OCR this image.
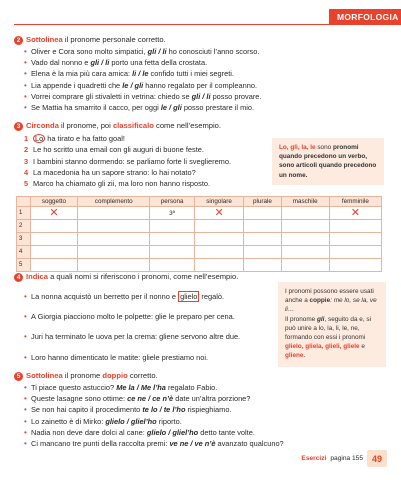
MORFOLOGIA
2 Sottolinea il pronome personale corretto.
• Oliver e Cora sono molto simpatici, gli / li ho conosciuti l’anno scorso.
• Vado dal nonno e gli / li porto una fetta della crostata.
• Elena è la mia più cara amica: li / le confido tutti i miei segreti.
• Lia appende i quadretti che le / gli hanno regalato per il compleanno.
• Vorrei comprare gli stivaletti in vetrina: chiedo se gli / li posso provare.
• Se Mattia ha smarrito il cacco, per oggi le / gli posso prestare il mio.
3 Circonda il pronome, poi classificalo come nell’esempio.
1 Lo ha tirato e ha fatto goal!
2 Le ho scritto una email con gli auguri di buone feste.
3 I bambini stanno dormendo: se parliamo forte li sveglieremo.
4 La macedonia ha un sapore strano: lo hai notato?
5 Marco ha chiamato gli zii, ma loro non hanno risposto.
Lo, gli, la, le sono pronomi quando precedono un verbo, sono articoli quando precedono un nome.
	soggetto	complemento	persona	singolare	plurale	maschile	femminile
1	✕		3ª	✕			✕
2							
3							
4							
5							
4 Indica a quali nomi si riferiscono i pronomi, come nell’esempio.
• La nonna acquistò un berretto per il nonno e glielo regalò.
• A Giorgia piacciono molto le polpette: glie le preparo per cena.
• Juri ha terminato le uova per la crema: gliene servono altre due.
• Loro hanno dimenticato le matite: gliele prestiamo noi.
I pronomi possono essere usati anche a coppie: me lo, se la, ve li…
Il pronome gli, seguito da e, si può unire a lo, la, li, le, ne, formando con essi i pronomi glielo, gliela, glieli, gliele e gliene.
5 Sottolinea il pronome doppio corretto.
• Ti piace questo astuccio? Me la / Me l’ha regalato Fabio.
• Queste lasagne sono ottime: ce ne / ce n’è date un’altra porzione?
• Se non hai capito il procedimento te lo / te l’ho rispieghiamo.
• Lo zainetto è di Mirko: glielo / gliel’ho riporto.
• Nadia non deve dare dolci al cane: glielo / gliel’ho detto tante volte.
• Ci mancano tre punti della raccolta premi: ve ne / ve n’è avanzato qualcuno?
Esercizi pagina 155 49
